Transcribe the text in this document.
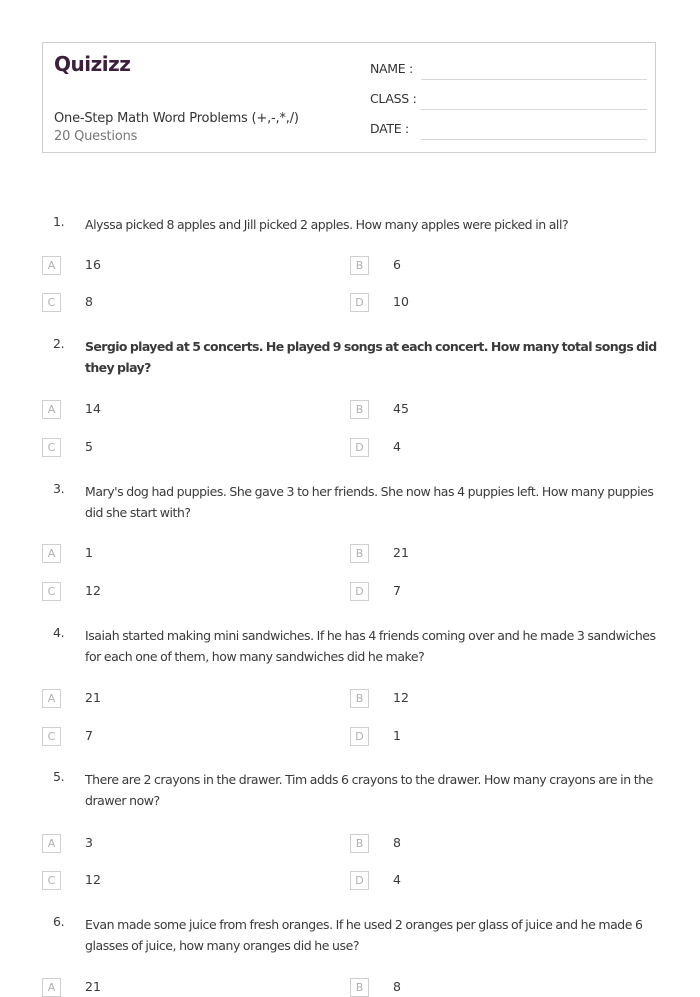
Quizizz
One-Step Math Word Problems (+,-,*,/)
20 Questions
NAME :
CLASS :
DATE :
1. Alyssa picked 8 apples and Jill picked 2 apples. How many apples were picked in all?
A	16	B	6
C	8	D	10
2. Sergio played at 5 concerts. He played 9 songs at each concert. How many total songs did they play?
A	14	B	45
C	5	D	4
3. Mary's dog had puppies. She gave 3 to her friends. She now has 4 puppies left. How many puppies did she start with?
A	1	B	21
C	12	D	7
4. Isaiah started making mini sandwiches. If he has 4 friends coming over and he made 3 sandwiches for each one of them, how many sandwiches did he make?
A	21	B	12
C	7	D	1
5. There are 2 crayons in the drawer. Tim adds 6 crayons to the drawer. How many crayons are in the drawer now?
A	3	B	8
C	12	D	4
6. Evan made some juice from fresh oranges. If he used 2 oranges per glass of juice and he made 6 glasses of juice, how many oranges did he use?
A	21	B	8
